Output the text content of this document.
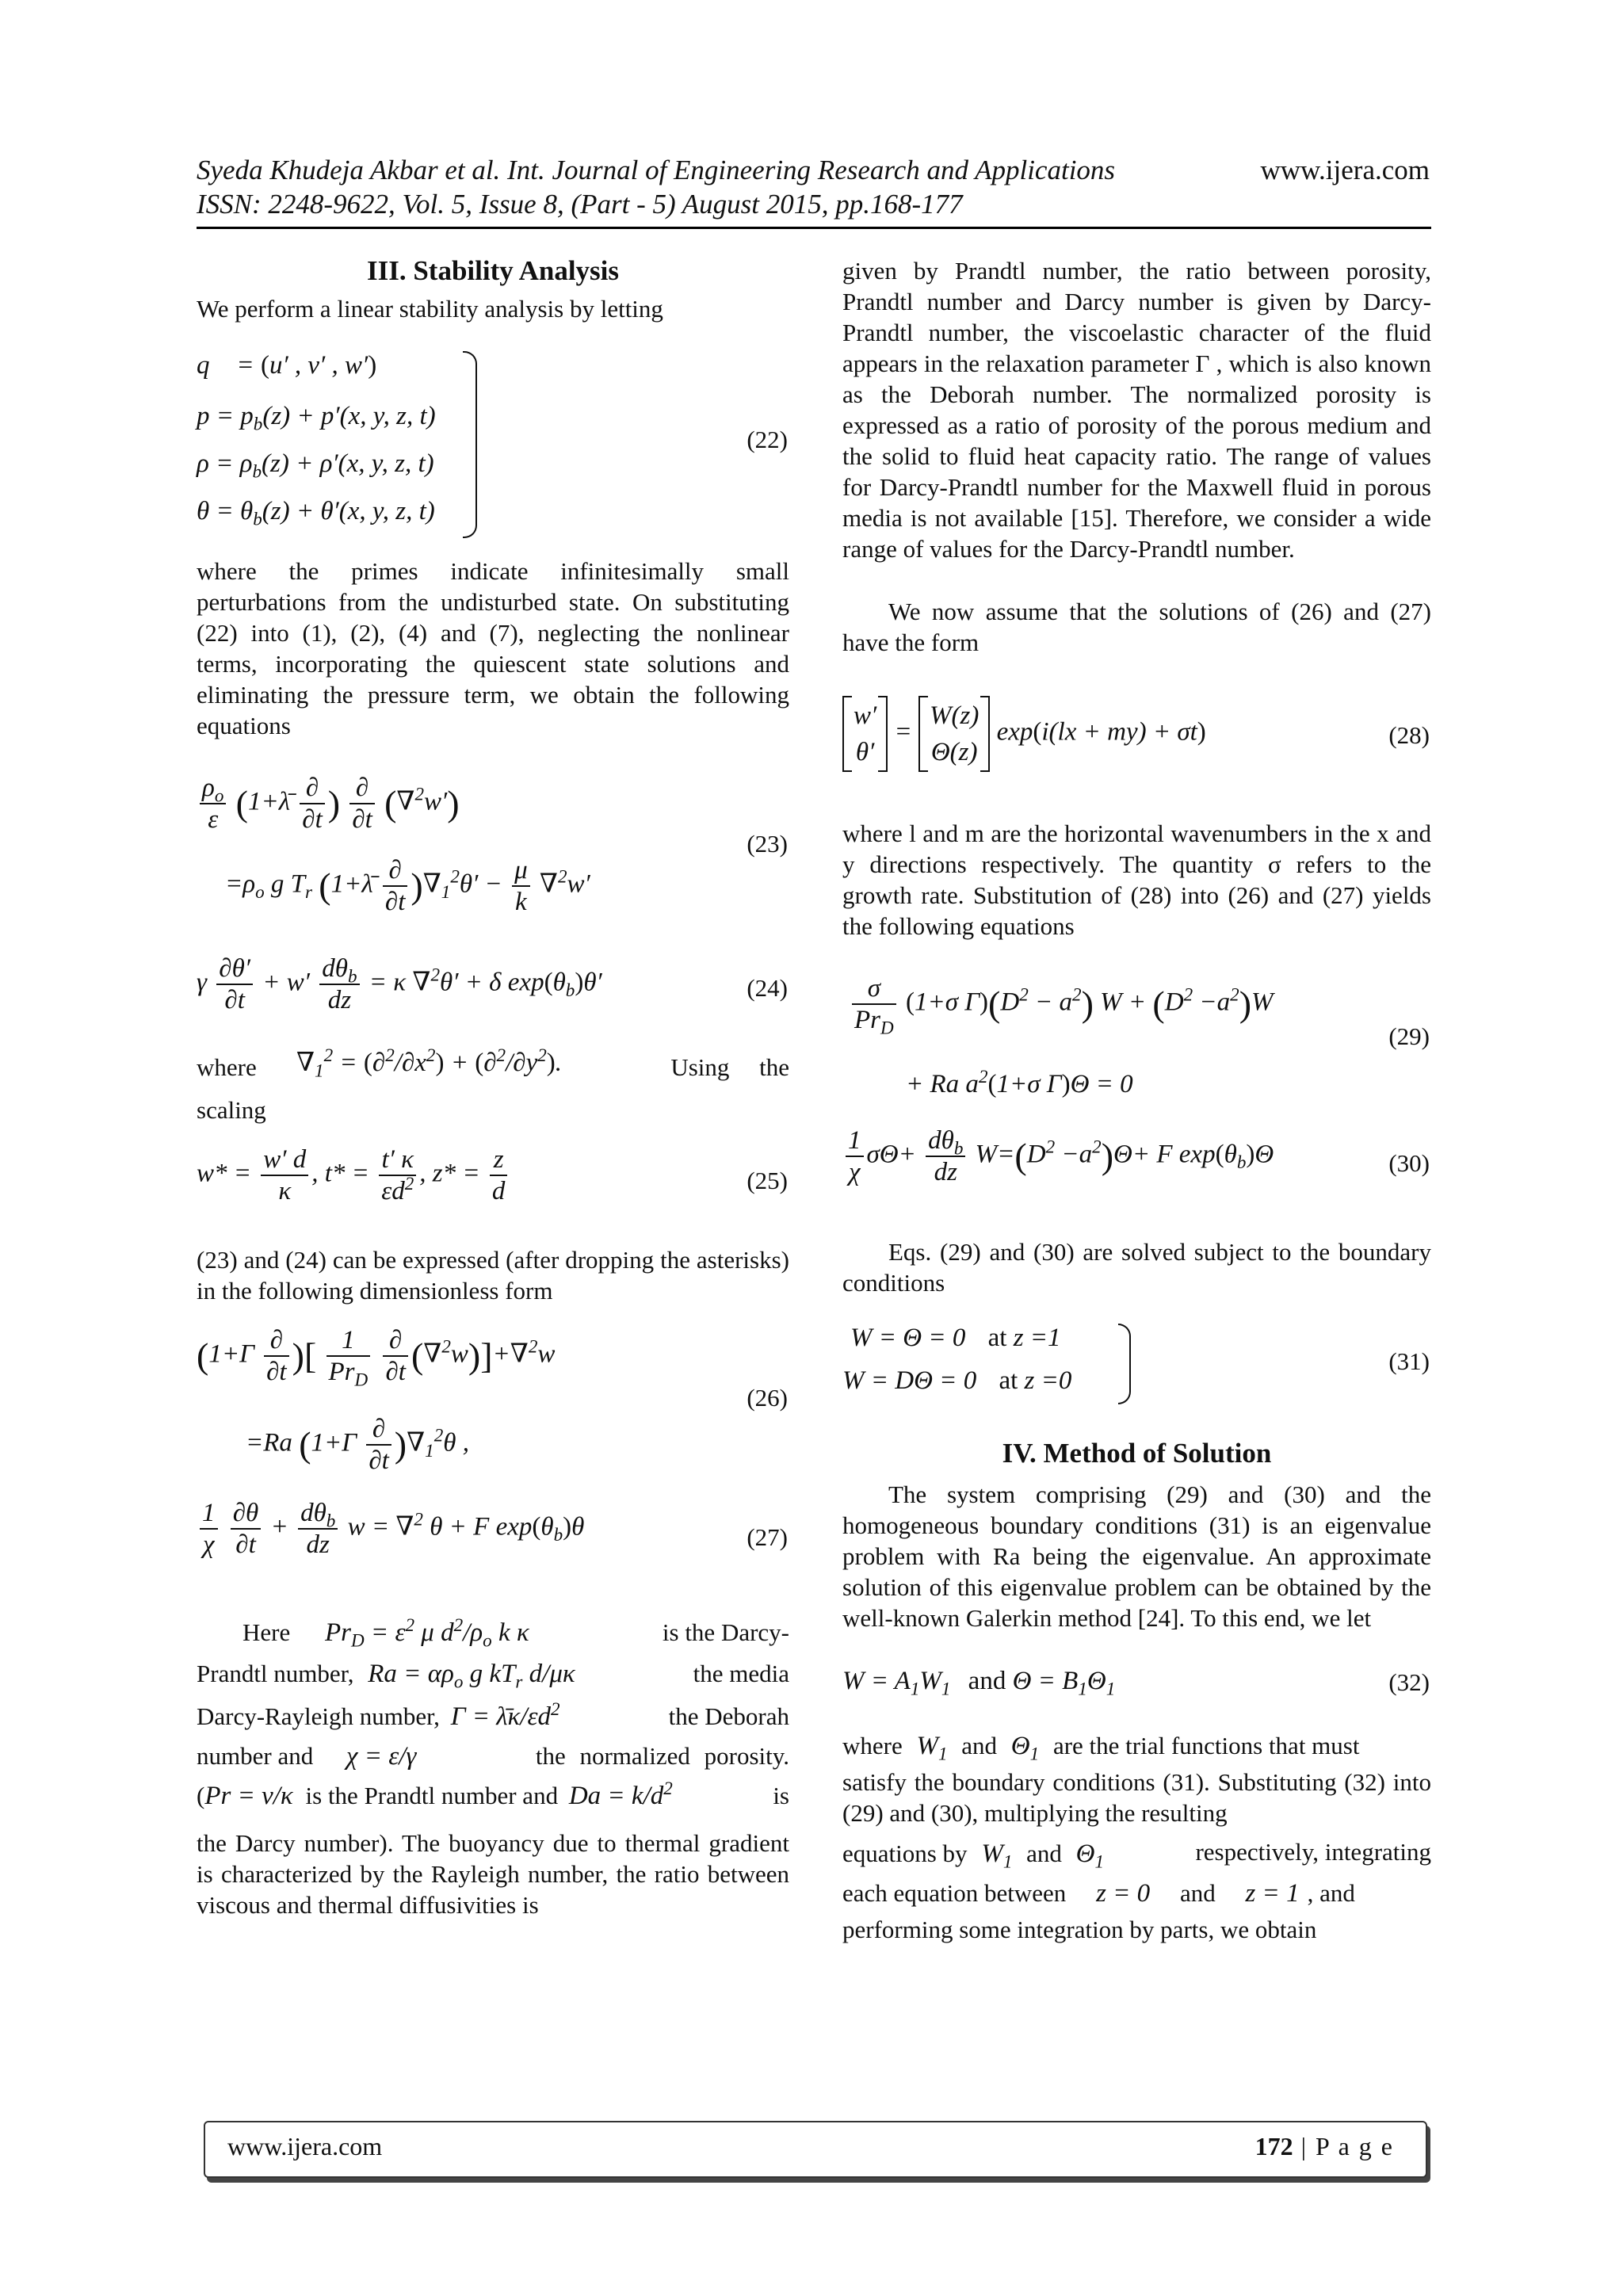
Syeda Khudeja Akbar et al. Int. Journal of Engineering Research and Applications	www.ijera.com
ISSN: 2248-9622, Vol. 5, Issue 8, (Part - 5) August 2015, pp.168-177
III. Stability Analysis

We perform a linear stability analysis by letting

q⃗ = (u′ , v′ , w′)
$p = p_b(z) + p'(x$, y, z, t)
$\rho = \rho_b(z) + \rho'(x$, y, z, t)
$\theta = \theta_b(z) + \theta'(x$, y, z, t)
(22)

where the primes indicate infinitesimally small perturbations from the undisturbed state. On substituting (22) into (1), (2), (4) and (7), neglecting the nonlinear terms, incorporating the quiescent state solutions and eliminating the pressure term, we obtain the following equations

$\frac{\rho_o}{\varepsilon}$ (1+λ̄ $\frac{\partial}{\partial t}$ ) $\frac{\partial}{\partial t} (\nabla^2w')$
$=\rho_o$ g $T_r$ (1+λ̄ $\frac{\partial}{\partial t} )\nabla_1^2\theta' - \frac{\mu}{k} \nabla^2w'$
(23)
γ $\frac{\partial\theta'}{\partial t} + w' \frac{d\theta_b}{dz} = \kappa$ ∇$^2$θ′ + δ $\exp(\theta_b)\theta'$	(24)
where $\nabla_1^2 = (\partial^2/\partial x^2) + (\partial^2/\partial y^2)$.	Using the

scaling

$w* = \frac{w' d}{\kappa}$ , $t* = \frac{t' \kappa}{\varepsilon d^2}$ , $z* = \frac{z}{d}$	(25)

(23) and (24) can be expressed (after dropping the asterisks) in the following dimensionless form

($1+\Gamma \frac{\partial}{\partial t}$ )[ $\frac{1}{Pr_D}$
$\frac{\partial}{\partial t} (\nabla^2w)]+\nabla^2w$
=Ra $(1+\Gamma \frac{\partial}{\partial t} )\nabla_1^2\theta$ ,
(26)
$\frac{1}{\chi}$
$\frac{\partial\theta}{\partial t} + \frac{d\theta_b}{dz}$ w = ∇$^2$ θ + F $\exp(\theta_b)\theta$	(27)
Here $Pr_D = \varepsilon^2$ μ $d^2/\rho_o$ k κ	is the Darcy-
Prandtl number, $Ra = \alpha\rho_o$ g $kT_r$ d/μκ	the media
Darcy-Rayleigh number, $\Gamma = \lambdā\kappa/\varepsilon d^2$	the Deborah
number and χ = ε/γ	the normalized porosity.
(Pr = ν/κ is the Prandtl number and $Da = k/d^2$	is

the Darcy number). The buoyancy due to thermal gradient is characterized by the Rayleigh number, the ratio between viscous and thermal diffusivities is

given by Prandtl number, the ratio between porosity, Prandtl number and Darcy number is given by Darcy-Prandtl number, the viscoelastic character of the fluid appears in the relaxation parameter Γ , which is also known as the Deborah number. The normalized porosity is expressed as a ratio of porosity of the porous medium and the solid to fluid heat capacity ratio. The range of values for Darcy-Prandtl number for the Maxwell fluid in porous media is not available [15]. Therefore, we consider a wide range of values for the Darcy-Prandtl number.

We now assume that the solutions of (26) and (27) have the form

w′
θ′ = W(z)
Θ(z) exp(i(lx + my) + σt)	(28)

where l and m are the horizontal wavenumbers in the x and y directions respectively. The quantity σ refers to the growth rate. Substitution of (28) into (26) and (27) yields the following equations

$\frac{\sigma}{Pr_D} (1+\sigma$ $\Gamma)(D^2 - a^2)$ $W + (D^2 -a^2)W$
+ Ra $a^2(1+\sigma$ Γ)Θ = 0
(29)
$\frac{1}{\chi} \sigma\Theta+ \frac{d\theta_b}{dz} W=(D^2 -a^2)\Theta+ F$ $\exp(\theta_b)\Theta$	(30)

Eqs. (29) and (30) are solved subject to the boundary conditions

W = Θ = 0 at z =1
W = DΘ = 0 at z =0
(31)
IV. Method of Solution

The system comprising (29) and (30) and the homogeneous boundary conditions (31) is an eigenvalue problem with Ra being the eigenvalue. An approximate solution of this eigenvalue problem can be obtained by the well-known Galerkin method [24]. To this end, we let

$W = A_1W_1$ and $\Theta = B_1\Theta_1$	(32)
where $W_1$ and $\Theta_1$ are the trial functions that must

satisfy the boundary conditions (31). Substituting (32) into (29) and (30), multiplying the resulting

equations by $W_1$ and $\Theta_1$	respectively, integrating
each equation between z = 0 and z = 1 , and

performing some integration by parts, we obtain

www.ijera.com	172 | P a g e
